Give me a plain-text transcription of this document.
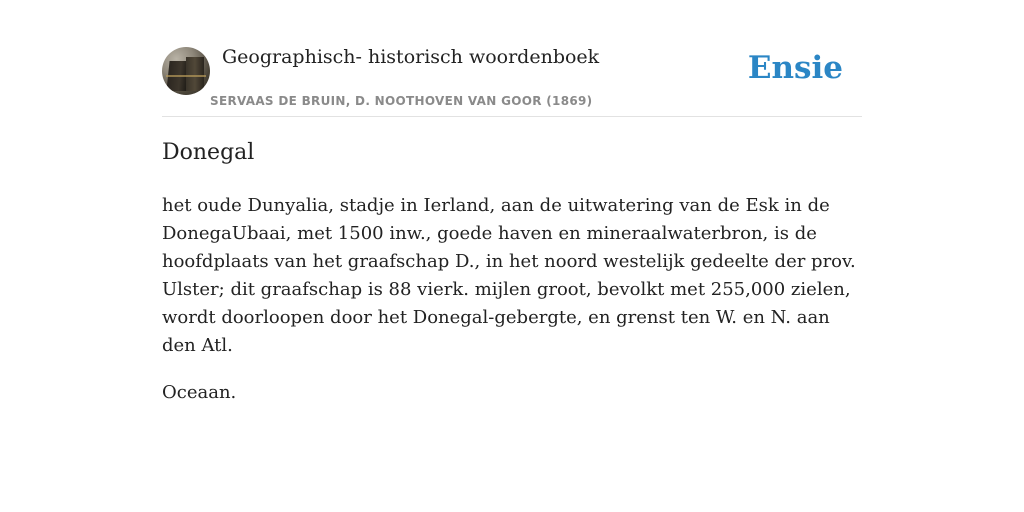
Geographisch- historisch woordenboek
SERVAAS DE BRUIN, D. NOOTHOVEN VAN GOOR (1869)
Ensie
Donegal

het oude Dunyalia, stadje in Ierland, aan de uitwatering van de Esk in de DonegaUbaai, met 1500 inw., goede haven en mineraalwaterbron, is de hoofdplaats van het graafschap D., in het noord westelijk gedeelte der prov. Ulster; dit graafschap is 88 vierk. mijlen groot, bevolkt met 255,000 zielen, wordt doorloopen door het Donegal-gebergte, en grenst ten W. en N. aan den Atl.

Oceaan.
